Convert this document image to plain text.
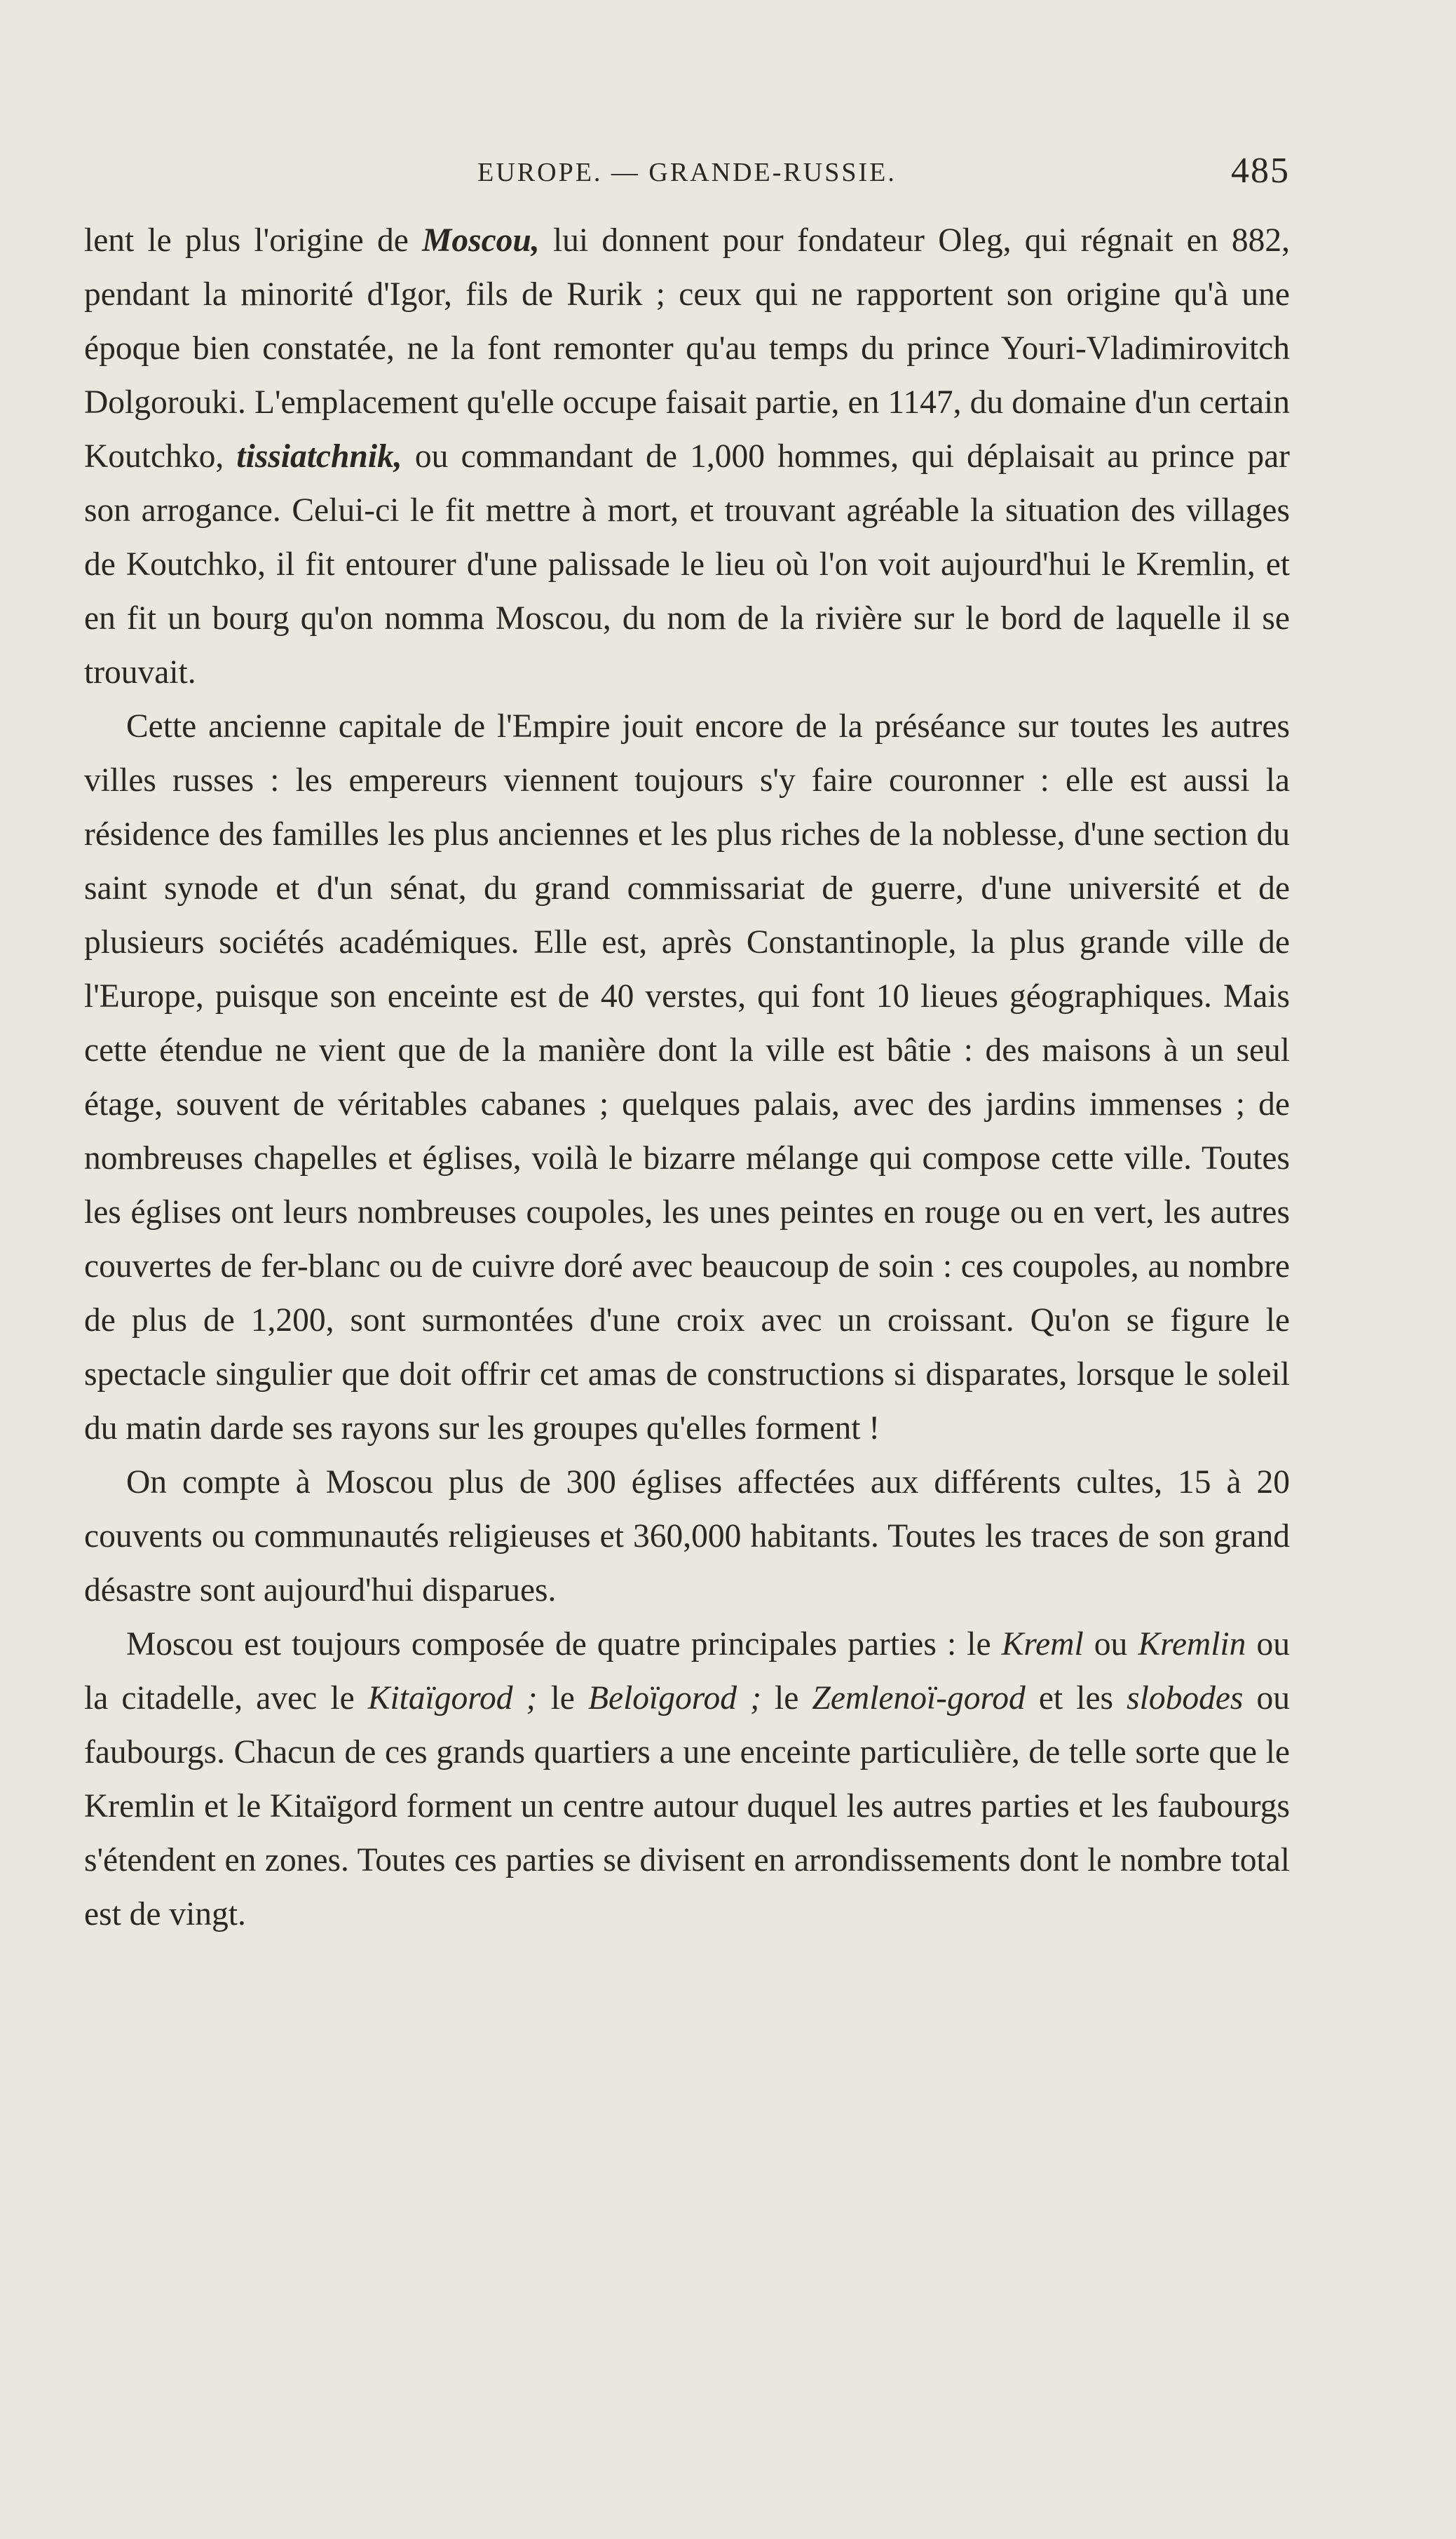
EUROPE. — GRANDE-RUSSIE.	485

lent le plus l'origine de Moscou, lui donnent pour fondateur Oleg, qui régnait en 882, pendant la minorité d'Igor, fils de Rurik ; ceux qui ne rapportent son origine qu'à une époque bien constatée, ne la font remonter qu'au temps du prince Youri-Vladimirovitch Dolgorouki. L'emplacement qu'elle occupe faisait partie, en 1147, du domaine d'un certain Koutchko, tissiatchnik, ou commandant de 1,000 hommes, qui déplaisait au prince par son arrogance. Celui-ci le fit mettre à mort, et trouvant agréable la situation des villages de Koutchko, il fit entourer d'une palissade le lieu où l'on voit aujourd'hui le Kremlin, et en fit un bourg qu'on nomma Moscou, du nom de la rivière sur le bord de laquelle il se trouvait.

Cette ancienne capitale de l'Empire jouit encore de la préséance sur toutes les autres villes russes : les empereurs viennent toujours s'y faire couronner : elle est aussi la résidence des familles les plus anciennes et les plus riches de la noblesse, d'une section du saint synode et d'un sénat, du grand commissariat de guerre, d'une université et de plusieurs sociétés académiques. Elle est, après Constantinople, la plus grande ville de l'Europe, puisque son enceinte est de 40 verstes, qui font 10 lieues géographiques. Mais cette étendue ne vient que de la manière dont la ville est bâtie : des maisons à un seul étage, souvent de véritables cabanes ; quelques palais, avec des jardins immenses ; de nombreuses chapelles et églises, voilà le bizarre mélange qui compose cette ville. Toutes les églises ont leurs nombreuses coupoles, les unes peintes en rouge ou en vert, les autres couvertes de fer-blanc ou de cuivre doré avec beaucoup de soin : ces coupoles, au nombre de plus de 1,200, sont surmontées d'une croix avec un croissant. Qu'on se figure le spectacle singulier que doit offrir cet amas de constructions si disparates, lorsque le soleil du matin darde ses rayons sur les groupes qu'elles forment !

On compte à Moscou plus de 300 églises affectées aux différents cultes, 15 à 20 couvents ou communautés religieuses et 360,000 habitants. Toutes les traces de son grand désastre sont aujourd'hui disparues.

Moscou est toujours composée de quatre principales parties : le Kreml ou Kremlin ou la citadelle, avec le Kitaïgorod ; le Beloïgorod ; le Zemlenoï-gorod et les slobodes ou faubourgs. Chacun de ces grands quartiers a une enceinte particulière, de telle sorte que le Kremlin et le Kitaïgord forment un centre autour duquel les autres parties et les faubourgs s'étendent en zones. Toutes ces parties se divisent en arrondissements dont le nombre total est de vingt.
